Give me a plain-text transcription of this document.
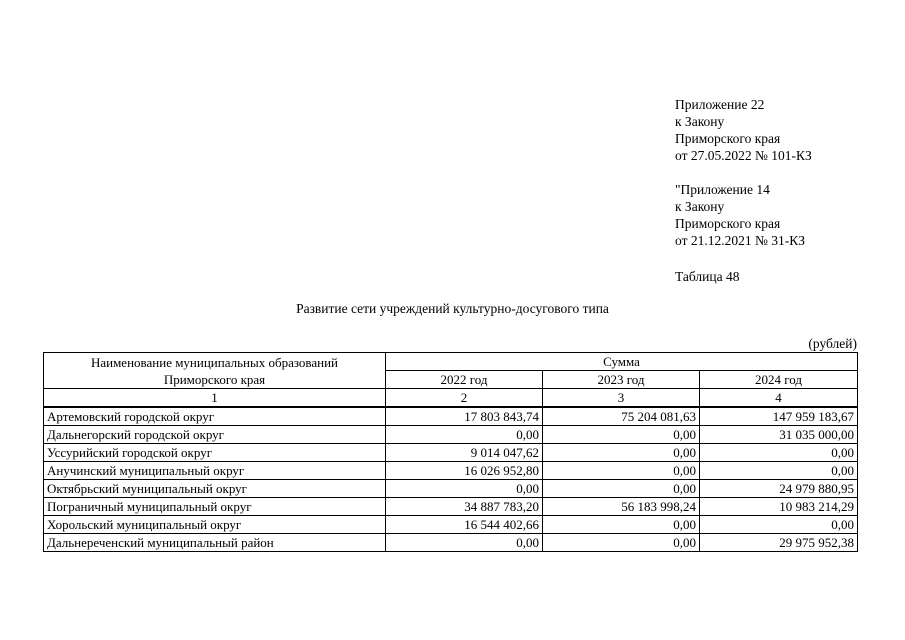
Приложение 22
к Закону
Приморского края
от 27.05.2022 № 101-КЗ
"Приложение 14
к Закону
Приморского края
от 21.12.2021 № 31-КЗ
Таблица 48
Развитие сети учреждений культурно-досугового типа
(рублей)
Наименование муниципальных образований
Приморского края	Сумма		
	2022 год	2023 год	2024 год
1	2	3	4
Артемовский городской округ	17 803 843,74	75 204 081,63	147 959 183,67
Дальнегорский городской округ	0,00	0,00	31 035 000,00
Уссурийский городской округ	9 014 047,62	0,00	0,00
Анучинский муниципальный округ	16 026 952,80	0,00	0,00
Октябрьский муниципальный округ	0,00	0,00	24 979 880,95
Пограничный муниципальный округ	34 887 783,20	56 183 998,24	10 983 214,29
Хорольский муниципальный округ	16 544 402,66	0,00	0,00
Дальнереченский муниципальный район	0,00	0,00	29 975 952,38
